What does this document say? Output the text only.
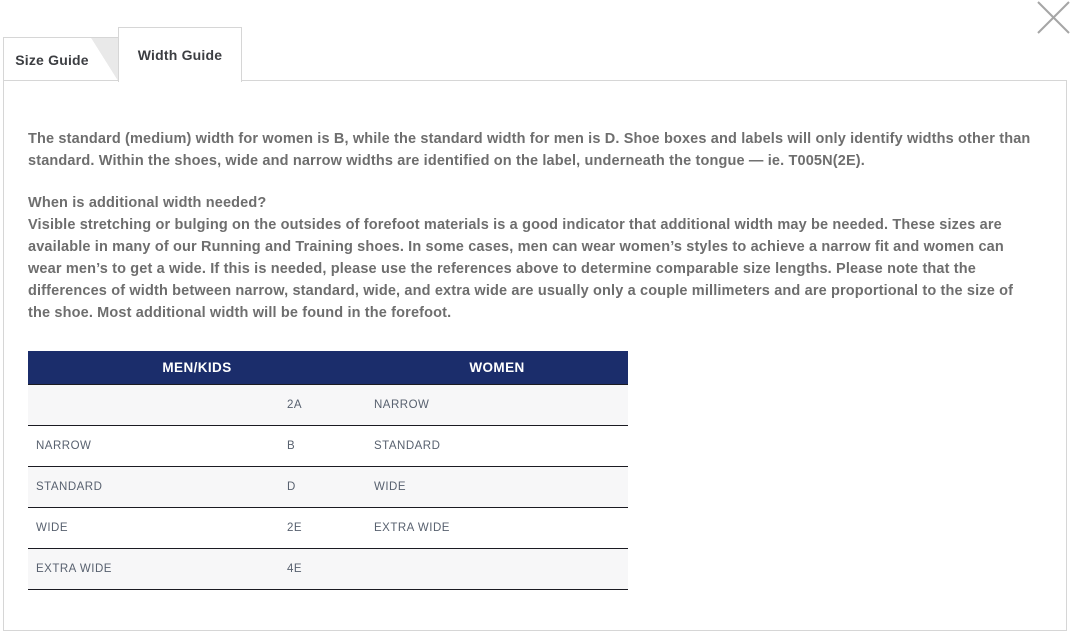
Size Guide	Width Guide

The standard (medium) width for women is B, while the standard width for men is D. Shoe boxes and labels will only identify widths other than standard. Within the shoes, wide and narrow widths are identified on the label, underneath the tongue — ie. T005N(2E).

When is additional width needed?
Visible stretching or bulging on the outsides of forefoot materials is a good indicator that additional width may be needed. These sizes are available in many of our Running and Training shoes. In some cases, men can wear women’s styles to achieve a narrow fit and women can wear men’s to get a wide. If this is needed, please use the references above to determine comparable size lengths. Please note that the differences of width between narrow, standard, wide, and extra wide are usually only a couple millimeters and are proportional to the size of the shoe. Most additional width will be found in the forefoot.

MEN/KIDS		WOMEN
	2A	NARROW
NARROW	B	STANDARD
STANDARD	D	WIDE
WIDE	2E	EXTRA WIDE
EXTRA WIDE	4E	
